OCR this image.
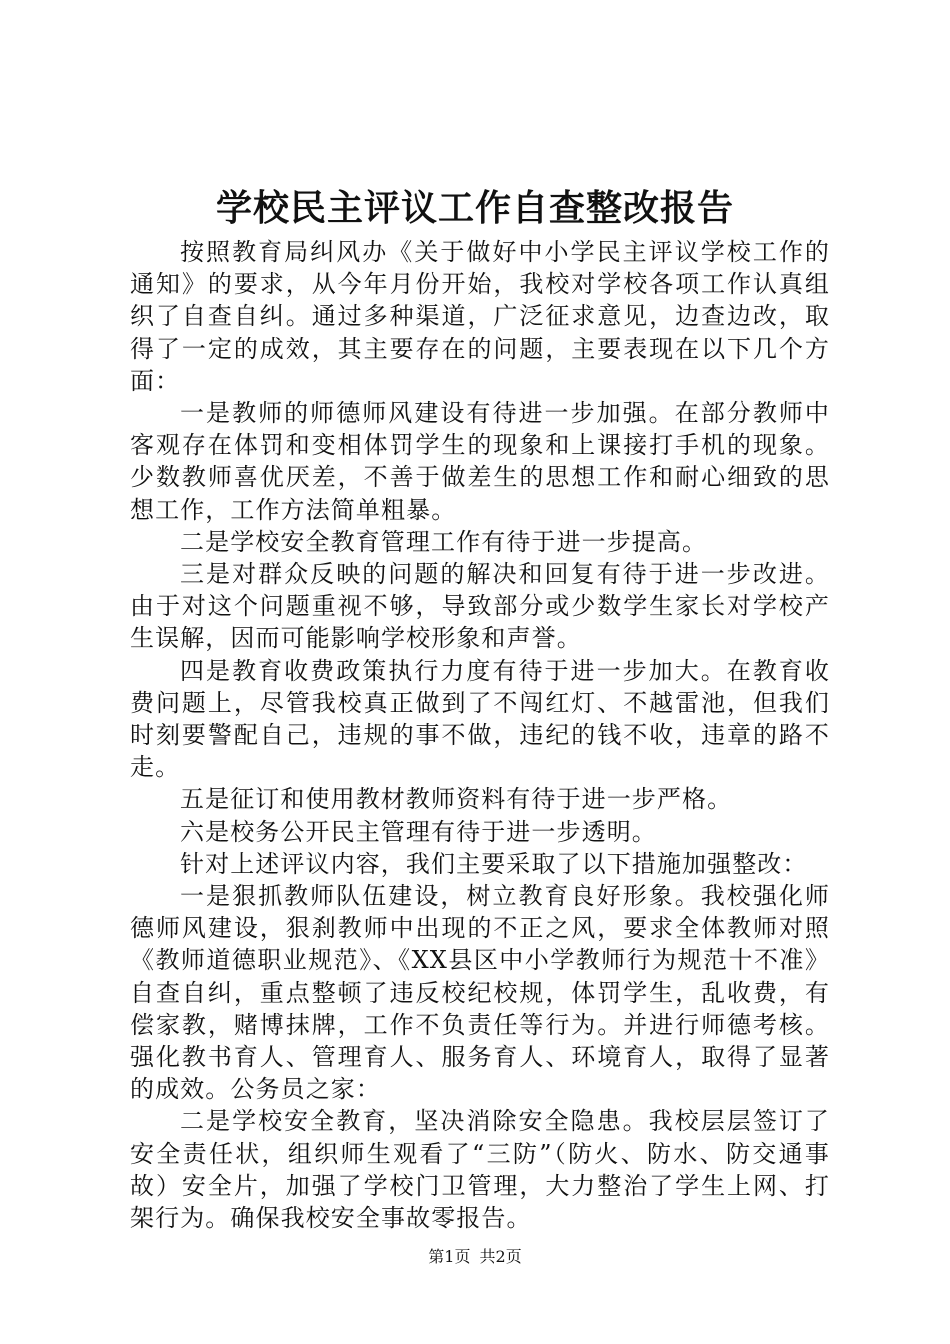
学校民主评议工作自查整改报告

按照教育局纠风办《关于做好中小学民主评议学校工作的通知》的要求，从今年月份开始，我校对学校各项工作认真组织了自查自纠。通过多种渠道，广泛征求意见，边查边改，取得了一定的成效，其主要存在的问题，主要表现在以下几个方面：

一是教师的师德师风建设有待进一步加强。在部分教师中客观存在体罚和变相体罚学生的现象和上课接打手机的现象。少数教师喜优厌差，不善于做差生的思想工作和耐心细致的思想工作，工作方法简单粗暴。

二是学校安全教育管理工作有待于进一步提高。

三是对群众反映的问题的解决和回复有待于进一步改进。由于对这个问题重视不够，导致部分或少数学生家长对学校产生误解，因而可能影响学校形象和声誉。

四是教育收费政策执行力度有待于进一步加大。在教育收费问题上，尽管我校真正做到了不闯红灯、不越雷池，但我们时刻要警配自己，违规的事不做，违纪的钱不收，违章的路不走。

五是征订和使用教材教师资料有待于进一步严格。

六是校务公开民主管理有待于进一步透明。

针对上述评议内容，我们主要采取了以下措施加强整改：

一是狠抓教师队伍建设，树立教育良好形象。我校强化师德师风建设，狠刹教师中出现的不正之风，要求全体教师对照《教师道德职业规范》、《XX县区中小学教师行为规范十不准》自查自纠，重点整顿了违反校纪校规，体罚学生，乱收费，有偿家教，赌博抹牌，工作不负责任等行为。并进行师德考核。强化教书育人、管理育人、服务育人、环境育人，取得了显著的成效。公务员之家：

二是学校安全教育，坚决消除安全隐患。我校层层签订了安全责任状，组织师生观看了“三防”（防火、防水、防交通事故）安全片，加强了学校门卫管理，大力整治了学生上网、打架行为。确保我校安全事故零报告。

第1页 共2页
